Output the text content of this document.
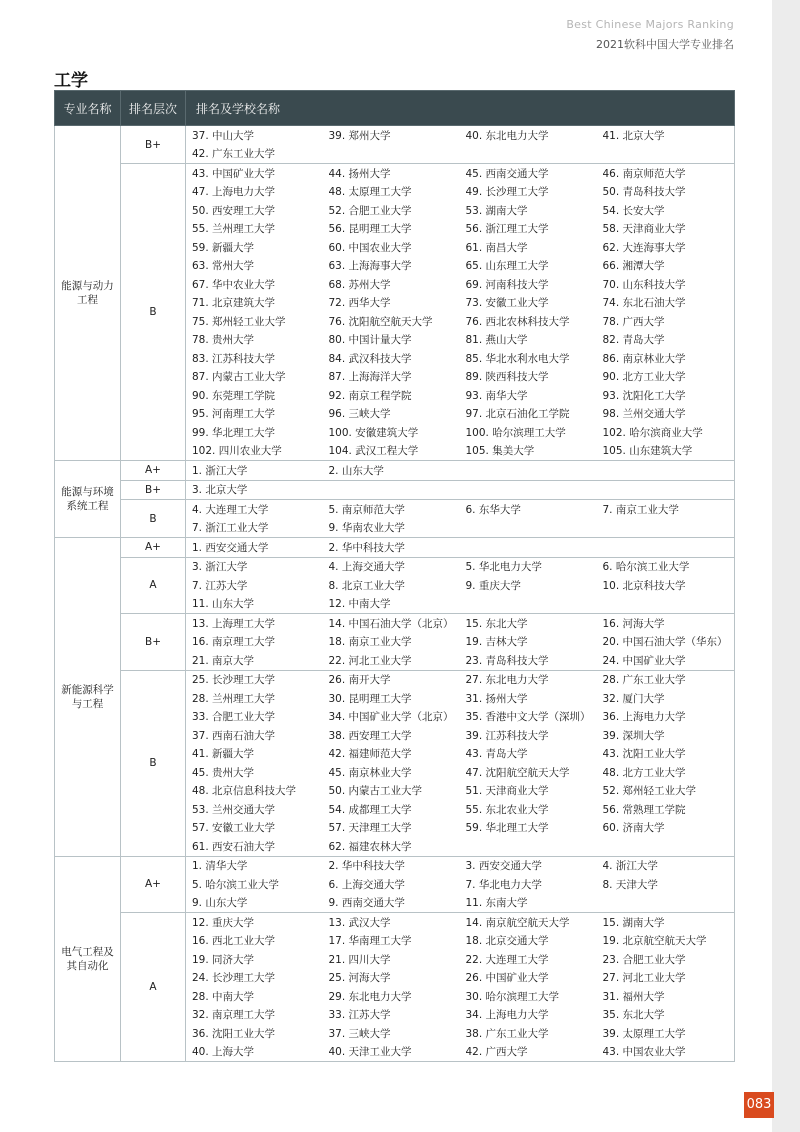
Best Chinese Majors Ranking
2021软科中国大学专业排名
工学
专业名称	排名层次	排名及学校名称			
能源与动力工程	B+	37. 中山大学	39. 郑州大学	40. 东北电力大学	41. 北京大学
		42. 广东工业大学			
	B	43. 中国矿业大学	44. 扬州大学	45. 西南交通大学	46. 南京师范大学
		47. 上海电力大学	48. 太原理工大学	49. 长沙理工大学	50. 青岛科技大学
		50. 西安理工大学	52. 合肥工业大学	53. 湖南大学	54. 长安大学
		55. 兰州理工大学	56. 昆明理工大学	56. 浙江理工大学	58. 天津商业大学
		59. 新疆大学	60. 中国农业大学	61. 南昌大学	62. 大连海事大学
		63. 常州大学	63. 上海海事大学	65. 山东理工大学	66. 湘潭大学
		67. 华中农业大学	68. 苏州大学	69. 河南科技大学	70. 山东科技大学
		71. 北京建筑大学	72. 西华大学	73. 安徽工业大学	74. 东北石油大学
		75. 郑州轻工业大学	76. 沈阳航空航天大学	76. 西北农林科技大学	78. 广西大学
		78. 贵州大学	80. 中国计量大学	81. 燕山大学	82. 青岛大学
		83. 江苏科技大学	84. 武汉科技大学	85. 华北水利水电大学	86. 南京林业大学
		87. 内蒙古工业大学	87. 上海海洋大学	89. 陕西科技大学	90. 北方工业大学
		90. 东莞理工学院	92. 南京工程学院	93. 南华大学	93. 沈阳化工大学
		95. 河南理工大学	96. 三峡大学	97. 北京石油化工学院	98. 兰州交通大学
		99. 华北理工大学	100. 安徽建筑大学	100. 哈尔滨理工大学	102. 哈尔滨商业大学
		102. 四川农业大学	104. 武汉工程大学	105. 集美大学	105. 山东建筑大学
能源与环境系统工程	A+	1. 浙江大学	2. 山东大学		
	B+	3. 北京大学			
	B	4. 大连理工大学	5. 南京师范大学	6. 东华大学	7. 南京工业大学
		7. 浙江工业大学	9. 华南农业大学		
新能源科学与工程	A+	1. 西安交通大学	2. 华中科技大学		
	A	3. 浙江大学	4. 上海交通大学	5. 华北电力大学	6. 哈尔滨工业大学
		7. 江苏大学	8. 北京工业大学	9. 重庆大学	10. 北京科技大学
		11. 山东大学	12. 中南大学		
	B+	13. 上海理工大学	14. 中国石油大学（北京）	15. 东北大学	16. 河海大学
		16. 南京理工大学	18. 南京工业大学	19. 吉林大学	20. 中国石油大学（华东）
		21. 南京大学	22. 河北工业大学	23. 青岛科技大学	24. 中国矿业大学
	B	25. 长沙理工大学	26. 南开大学	27. 东北电力大学	28. 广东工业大学
		28. 兰州理工大学	30. 昆明理工大学	31. 扬州大学	32. 厦门大学
		33. 合肥工业大学	34. 中国矿业大学（北京）	35. 香港中文大学（深圳）	36. 上海电力大学
		37. 西南石油大学	38. 西安理工大学	39. 江苏科技大学	39. 深圳大学
		41. 新疆大学	42. 福建师范大学	43. 青岛大学	43. 沈阳工业大学
		45. 贵州大学	45. 南京林业大学	47. 沈阳航空航天大学	48. 北方工业大学
		48. 北京信息科技大学	50. 内蒙古工业大学	51. 天津商业大学	52. 郑州轻工业大学
		53. 兰州交通大学	54. 成都理工大学	55. 东北农业大学	56. 常熟理工学院
		57. 安徽工业大学	57. 天津理工大学	59. 华北理工大学	60. 济南大学
		61. 西安石油大学	62. 福建农林大学		
电气工程及其自动化	A+	1. 清华大学	2. 华中科技大学	3. 西安交通大学	4. 浙江大学
		5. 哈尔滨工业大学	6. 上海交通大学	7. 华北电力大学	8. 天津大学
		9. 山东大学	9. 西南交通大学	11. 东南大学	
	A	12. 重庆大学	13. 武汉大学	14. 南京航空航天大学	15. 湖南大学
		16. 西北工业大学	17. 华南理工大学	18. 北京交通大学	19. 北京航空航天大学
		19. 同济大学	21. 四川大学	22. 大连理工大学	23. 合肥工业大学
		24. 长沙理工大学	25. 河海大学	26. 中国矿业大学	27. 河北工业大学
		28. 中南大学	29. 东北电力大学	30. 哈尔滨理工大学	31. 福州大学
		32. 南京理工大学	33. 江苏大学	34. 上海电力大学	35. 东北大学
		36. 沈阳工业大学	37. 三峡大学	38. 广东工业大学	39. 太原理工大学
		40. 上海大学	40. 天津工业大学	42. 广西大学	43. 中国农业大学
083
